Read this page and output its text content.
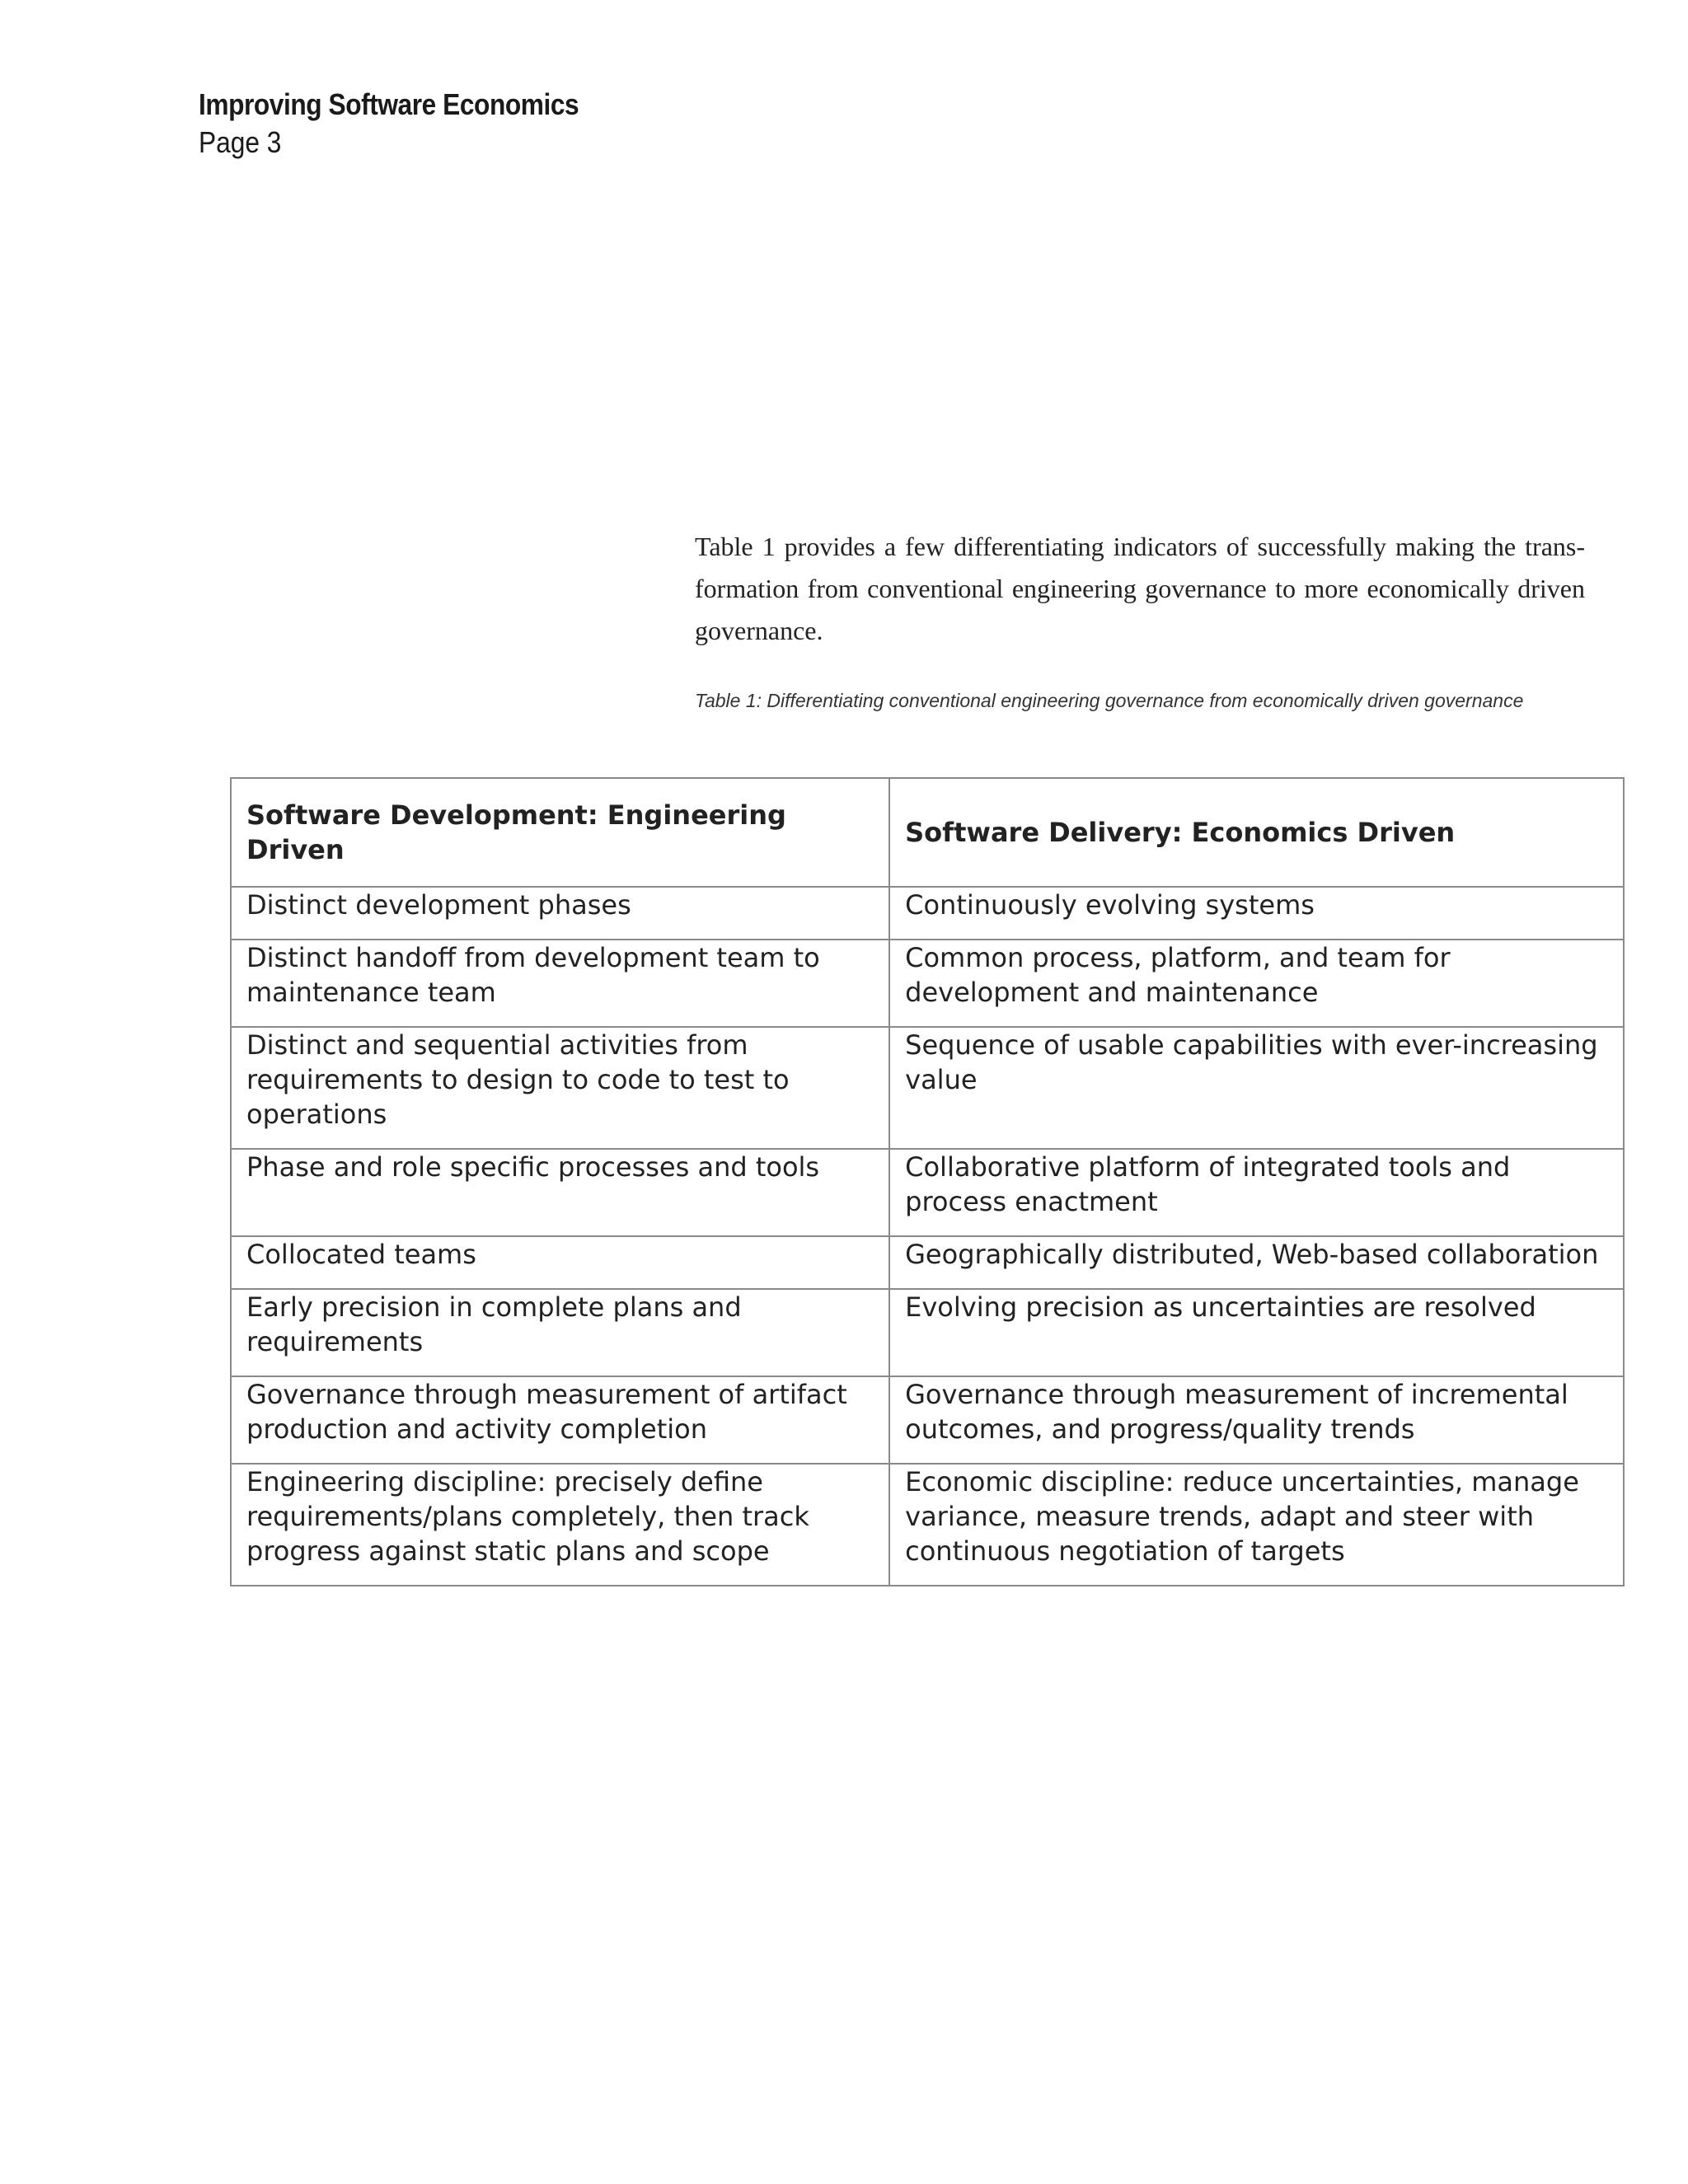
Improving Software Economics
Page 3
Table 1 provides a few differentiating indicators of successfully making the trans-formation from conventional engineering governance to more economically driven governance.
Table 1: Differentiating conventional engineering governance from economically driven governance
Software Development: Engineering Driven	Software Delivery: Economics Driven
Distinct development phases	Continuously evolving systems
Distinct handoff from development team to maintenance team	Common process, platform, and team for development and maintenance
Distinct and sequential activities from requirements to design to code to test to operations	Sequence of usable capabilities with ever-increasing value
Phase and role specific processes and tools	Collaborative platform of integrated tools and process enactment
Collocated teams	Geographically distributed, Web-based collaboration
Early precision in complete plans and requirements	Evolving precision as uncertainties are resolved
Governance through measurement of artifact production and activity completion	Governance through measurement of incremental outcomes, and progress/quality trends
Engineering discipline: precisely define requirements/plans completely, then track progress against static plans and scope	Economic discipline: reduce uncertainties, manage variance, measure trends, adapt and steer with continuous negotiation of targets
